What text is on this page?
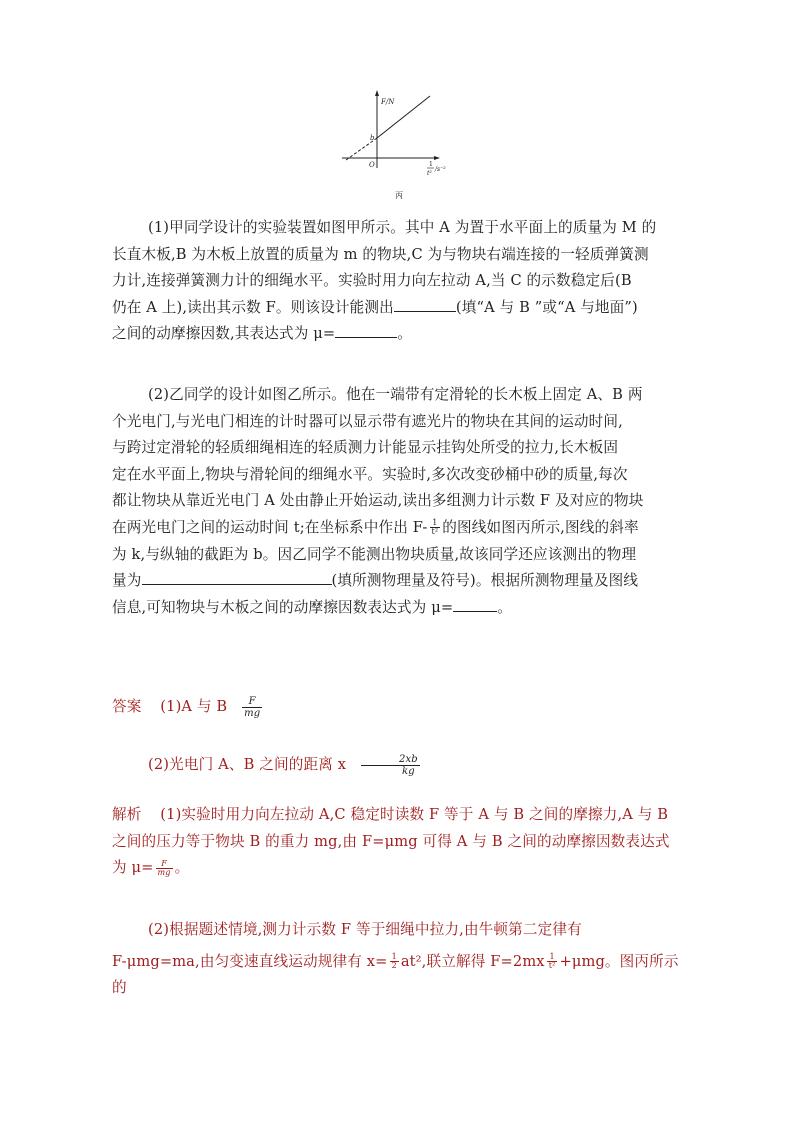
F/N
b
O	1
t²
/s⁻²
丙
(1)甲同学设计的实验装置如图甲所示。其中 A 为置于水平面上的质量为 M 的
长直木板,B 为木板上放置的质量为 m 的物块,C 为与物块右端连接的一轻质弹簧测
力计,连接弹簧测力计的细绳水平。实验时用力向左拉动 A,当 C 的示数稳定后(B
仍在 A 上),读出其示数 F。则该设计能测出	(填“A 与 B ”或“A 与地面”)
之间的动摩擦因数,其表达式为 μ=	。
(2)乙同学的设计如图乙所示。他在一端带有定滑轮的长木板上固定 A、B 两
个光电门,与光电门相连的计时器可以显示带有遮光片的物块在其间的运动时间,
与跨过定滑轮的轻质细绳相连的轻质测力计能显示挂钩处所受的拉力,长木板固
定在水平面上,物块与滑轮间的细绳水平。实验时,多次改变砂桶中砂的质量,每次
都让物块从靠近光电门 A 处由静止开始运动,读出多组测力计示数 F 及对应的物块
在两光电门之间的运动时间 t;在坐标系中作出 $F- \frac{1}{\text{t²}}$ 的图线如图丙所示,图线的斜率
为 k,与纵轴的截距为 b。因乙同学不能测出物块质量,故该同学还应该测出的物理
量为	(填所测物理量及符号)。根据所测物理量及图线
信息,可知物块与木板之间的动摩擦因数表达式为 μ=	。
答案 (1)A 与 B $\frac{F}{mg}$
(2)光电门 A、B 之间的距离 x $\frac{2xb}{kg}$
解析 (1)实验时用力向左拉动 A,C 稳定时读数 F 等于 A 与 B 之间的摩擦力,A 与 B
之间的压力等于物块 B 的重力 mg,由 F=μmg 可得 A 与 B 之间的动摩擦因数表达式
为 $\mu= \frac{F}{mg}$ 。
(2)根据题述情境,测力计示数 F 等于细绳中拉力,由牛顿第二定律有
F-μmg=ma,由匀变速直线运动规律有 $x= \frac{1}{2} at^2$,联立解得 $F=2mx \frac{1}{\text{t²}} +\mu mg$。图丙所示的
